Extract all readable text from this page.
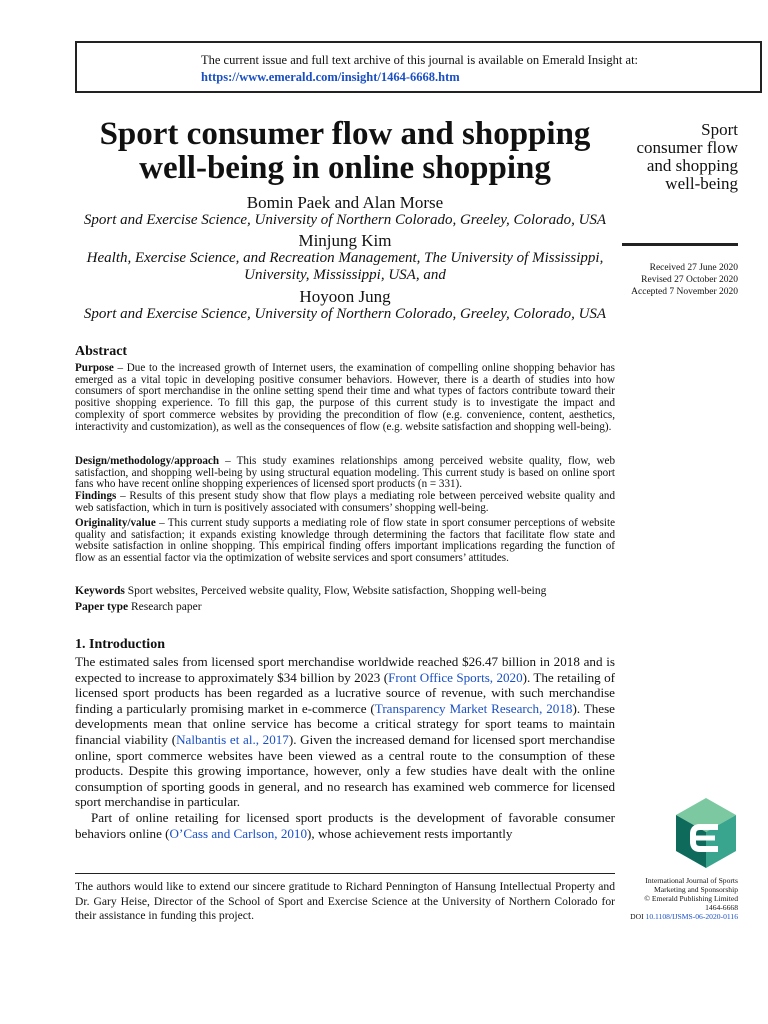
The current issue and full text archive of this journal is available on Emerald Insight at:
https://www.emerald.com/insight/1464-6668.htm
Sport consumer flow and shopping
well-being in online shopping
Bomin Paek and Alan Morse
Sport and Exercise Science, University of Northern Colorado, Greeley, Colorado, USA
Minjung Kim
Health, Exercise Science, and Recreation Management, The University of Mississippi,
University, Mississippi, USA, and
Hoyoon Jung
Sport and Exercise Science, University of Northern Colorado, Greeley, Colorado, USA
Sport
consumer flow
and shopping
well-being
Received 27 June 2020
Revised 27 October 2020
Accepted 7 November 2020
Abstract
Purpose – Due to the increased growth of Internet users, the examination of compelling online shopping behavior has emerged as a vital topic in developing positive consumer behaviors. However, there is a dearth of studies into how consumers of sport merchandise in the online setting spend their time and what types of factors contribute toward their positive shopping experience. To fill this gap, the purpose of this current study is to investigate the impact and complexity of sport commerce websites by providing the precondition of flow (e.g. convenience, content, aesthetics, interactivity and customization), as well as the consequences of flow (e.g. website satisfaction and shopping well-being).
Design/methodology/approach – This study examines relationships among perceived website quality, flow, web satisfaction, and shopping well-being by using structural equation modeling. This current study is based on online sport fans who have recent online shopping experiences of licensed sport products (n = 331).
Findings – Results of this present study show that flow plays a mediating role between perceived website quality and web satisfaction, which in turn is positively associated with consumers’ shopping well-being.
Originality/value – This current study supports a mediating role of flow state in sport consumer perceptions of website quality and satisfaction; it expands existing knowledge through determining the factors that facilitate flow state and website satisfaction in online shopping. This empirical finding offers important implications regarding the function of flow as an essential factor via the optimization of website services and sport consumers’ attitudes.
Keywords Sport websites, Perceived website quality, Flow, Website satisfaction, Shopping well-being
Paper type Research paper
1. Introduction

The estimated sales from licensed sport merchandise worldwide reached $26.47 billion in 2018 and is expected to increase to approximately $34 billion by 2023 (Front Office Sports, 2020). The retailing of licensed sport products has been regarded as a lucrative source of revenue, with such merchandise finding a particularly promising market in e-commerce (Transparency Market Research, 2018). These developments mean that online service has become a critical strategy for sport teams to maintain financial viability (Nalbantis et al., 2017). Given the increased demand for licensed sport merchandise online, sport commerce websites have been viewed as a central route to the consumption of these products. Despite this growing importance, however, only a few studies have dealt with the online consumption of sporting goods in general, and no research has examined web commerce for licensed sport merchandise in particular.

Part of online retailing for licensed sport products is the development of favorable consumer behaviors online (O’Cass and Carlson, 2010), whose achievement rests importantly

The authors would like to extend our sincere gratitude to Richard Pennington of Hansung Intellectual Property and Dr. Gary Heise, Director of the School of Sport and Exercise Science at the University of Northern Colorado for their assistance in funding this project.
International Journal of Sports
Marketing and Sponsorship
© Emerald Publishing Limited
1464-6668
DOI 10.1108/IJSMS-06-2020-0116
